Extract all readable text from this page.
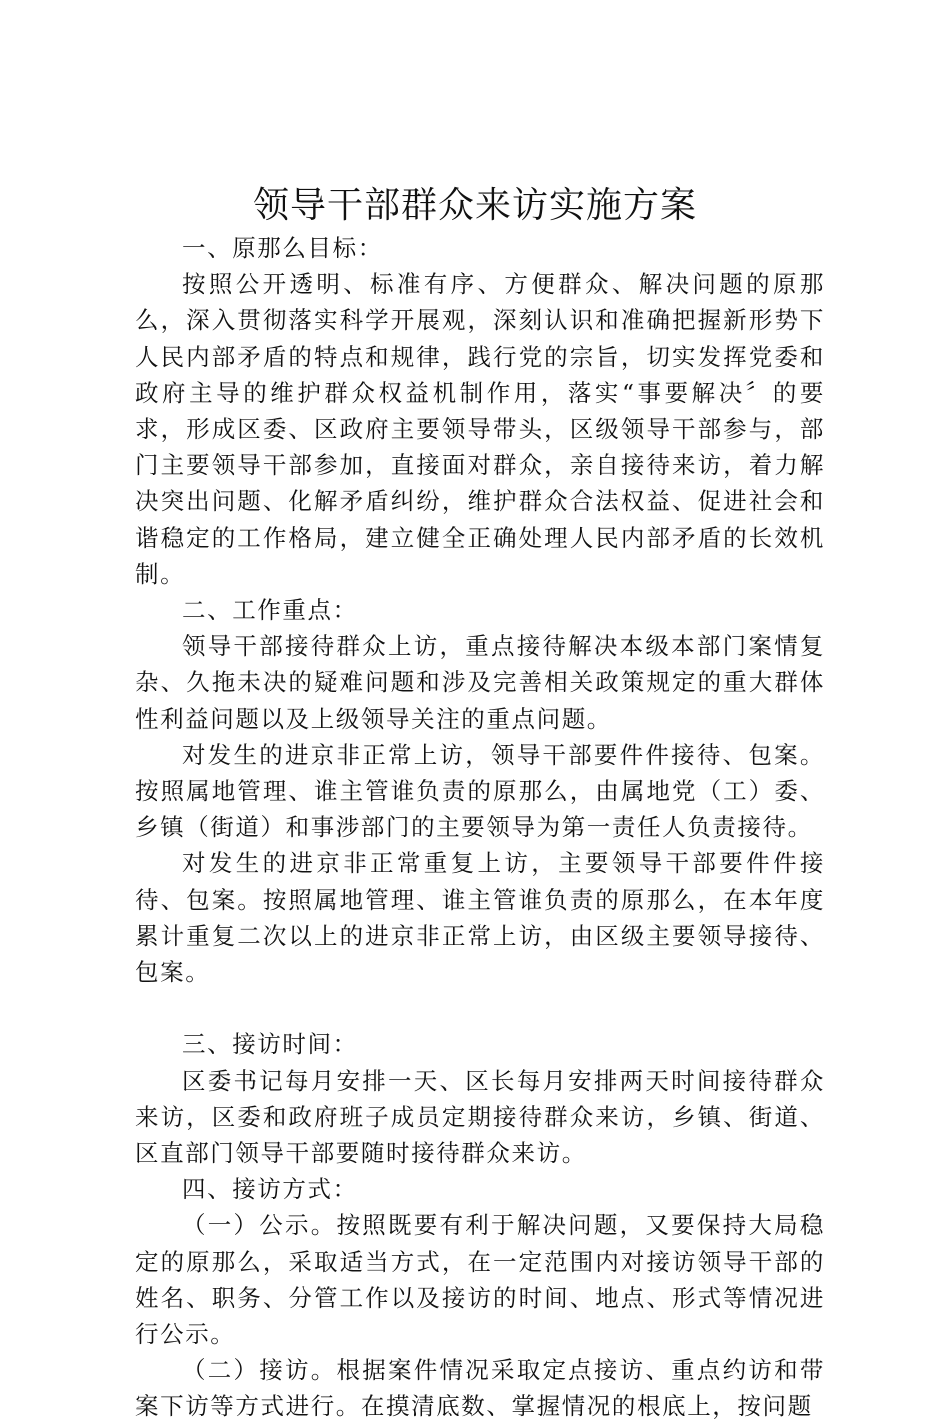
领导干部群众来访实施方案

一、原那么目标：

按照公开透明、标准有序、方便群众、解决问题的原那么，深入贯彻落实科学开展观，深刻认识和准确把握新形势下人民内部矛盾的特点和规律，践行党的宗旨，切实发挥党委和政府主导的维护群众权益机制作用，落实“事要解决〞的要求，形成区委、区政府主要领导带头，区级领导干部参与，部门主要领导干部参加，直接面对群众，亲自接待来访，着力解决突出问题、化解矛盾纠纷，维护群众合法权益、促进社会和谐稳定的工作格局，建立健全正确处理人民内部矛盾的长效机制。

二、工作重点：

领导干部接待群众上访，重点接待解决本级本部门案情复杂、久拖未决的疑难问题和涉及完善相关政策规定的重大群体性利益问题以及上级领导关注的重点问题。

对发生的进京非正常上访，领导干部要件件接待、包案。按照属地管理、谁主管谁负责的原那么，由属地党（工）委、乡镇（街道）和事涉部门的主要领导为第一责任人负责接待。

对发生的进京非正常重复上访，主要领导干部要件件接待、包案。按照属地管理、谁主管谁负责的原那么，在本年度累计重复二次以上的进京非正常上访，由区级主要领导接待、包案。

三、接访时间：

区委书记每月安排一天、区长每月安排两天时间接待群众来访，区委和政府班子成员定期接待群众来访，乡镇、街道、区直部门领导干部要随时接待群众来访。

四、接访方式：

（一）公示。按照既要有利于解决问题，又要保持大局稳定的原那么，采取适当方式，在一定范围内对接访领导干部的姓名、职务、分管工作以及接访的时间、地点、形式等情况进行公示。

（二）接访。根据案件情况采取定点接访、重点约访和带案下访等方式进行。在摸清底数、掌握情况的根底上，按问题
